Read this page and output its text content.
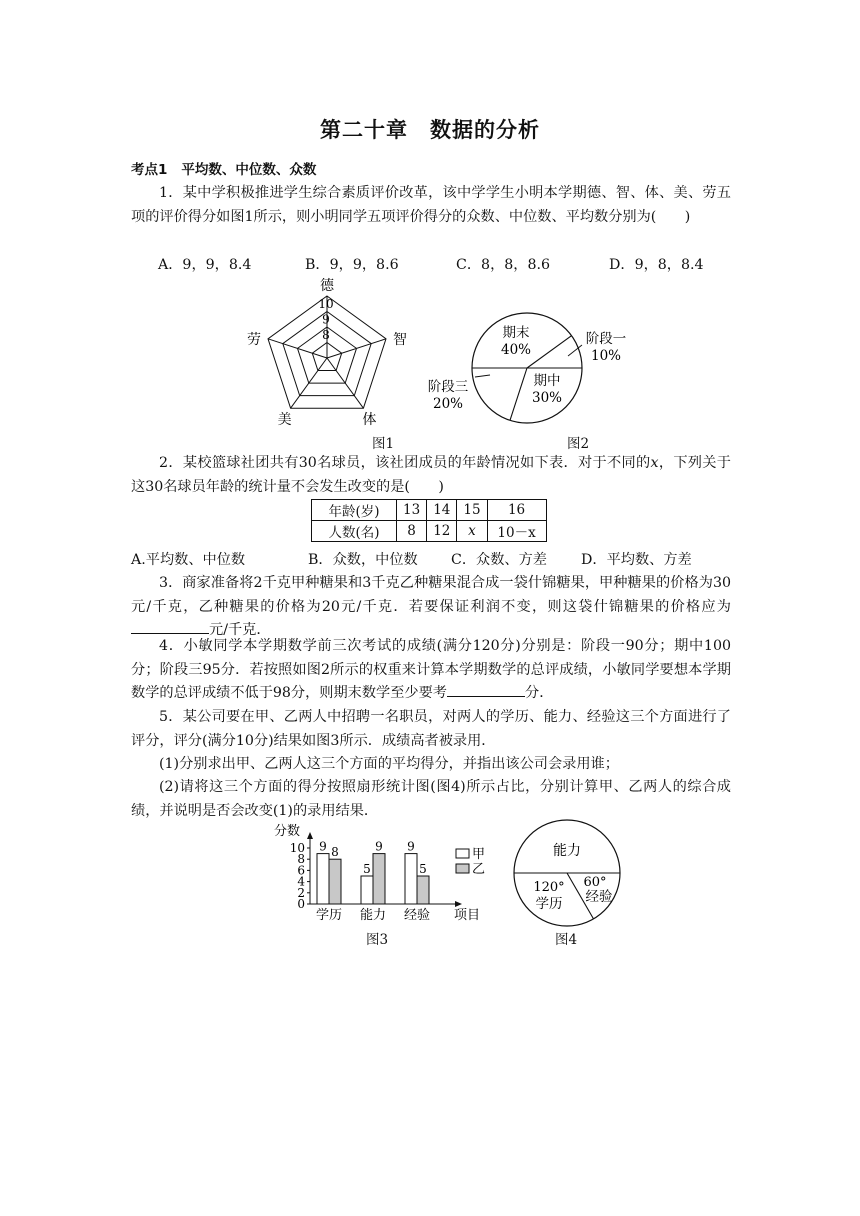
第二十章 数据的分析
考点1 平均数、中位数、众数
1．某中学积极推进学生综合素质评价改革，该中学学生小明本学期德、智、体、美、劳五项的评价得分如图1所示，则小明同学五项评价得分的众数、中位数、平均数分别为(　　)
A．9，9，8.4	B．9，9，8.6	C．8，8，8.6	D．9，8，8.4
德
智
体
美
劳	8
9
10
图1
期末
40%
阶段一
10%
期中
30%
阶段三
20%
图2
2．某校篮球社团共有30名球员，该社团成员的年龄情况如下表．对于不同的x，下列关于这30名球员年龄的统计量不会发生改变的是(　　)
年龄(岁)	13	14	15	16
人数(名)	8	12	x	10－x
A.平均数、中位数	B．众数，中位数	C．众数、方差	D．平均数、方差
3．商家准备将2千克甲种糖果和3千克乙种糖果混合成一袋什锦糖果，甲种糖果的价格为30元/千克，乙种糖果的价格为20元/千克．若要保证利润不变，则这袋什锦糖果的价格应为元/千克．
4．小敏同学本学期数学前三次考试的成绩(满分120分)分别是：阶段一90分；期中100分；阶段三95分．若按照如图2所示的权重来计算本学期数学的总评成绩，小敏同学要想本学期数学的总评成绩不低于98分，则期末数学至少要考	分．
5．某公司要在甲、乙两人中招聘一名职员，对两人的学历、能力、经验这三个方面进行了评分，评分(满分10分)结果如图3所示．成绩高者被录用．
(1)分别求出甲、乙两人这三个方面的平均得分，并指出该公司会录用谁；
(2)请将这三个方面的得分按照扇形统计图(图4)所示占比，分别计算甲、乙两人的综合成绩，并说明是否会改变(1)的录用结果．
0
2
4
6
8
10
分数
项目
9 8
学历
5
9
能力
9
5
经验
甲
乙
图3
能力
60°
经验
120°
学历
图4
